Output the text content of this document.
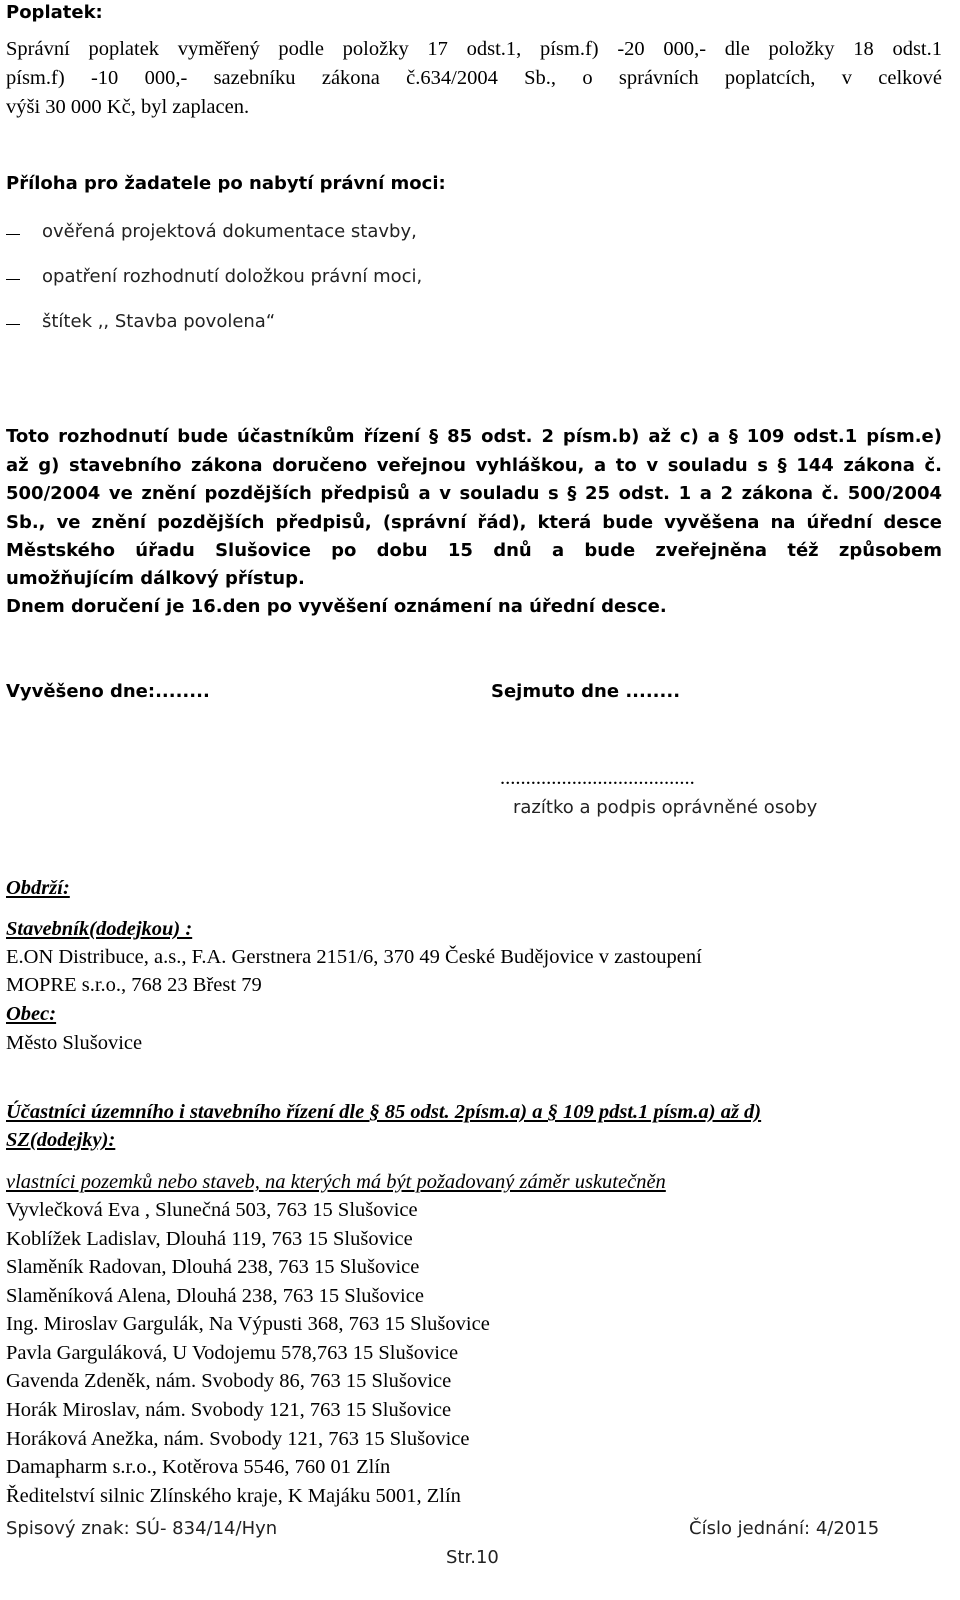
Poplatek:
Správní poplatek vyměřený podle položky 17 odst.1, písm.f) -20 000,- dle položky 18 odst.1
písm.f) -10 000,- sazebníku zákona č.634/2004 Sb., o správních poplatcích, v celkové
výši 30 000 Kč, byl zaplacen.
Příloha pro žadatele po nabytí právní moci:
ověřená projektová dokumentace stavby,
opatření rozhodnutí doložkou právní moci,
štítek ,, Stavba povolena“
Toto rozhodnutí bude účastníkům řízení § 85 odst. 2 písm.b) až c) a § 109 odst.1 písm.e)
až g) stavebního zákona doručeno veřejnou vyhláškou, a to v souladu s § 144 zákona č.
500/2004 ve znění pozdějších předpisů a v souladu s § 25 odst. 1 a 2 zákona č. 500/2004
Sb., ve znění pozdějších předpisů, (správní řád), která bude vyvěšena na úřední desce
Městského úřadu Slušovice po dobu 15 dnů a bude zveřejněna též způsobem
umožňujícím dálkový přístup.
Dnem doručení je 16.den po vyvěšení oznámení na úřední desce.
Vyvěšeno dne:........	Sejmuto dne ........
......................................
razítko a podpis oprávněné osoby
Obdrží:
Stavebník(dodejkou) :
E.ON Distribuce, a.s., F.A. Gerstnera 2151/6, 370 49 České Budějovice v zastoupení
MOPRE s.r.o., 768 23 Břest 79
Obec:
Město Slušovice
Účastníci územního i stavebního řízení dle § 85 odst. 2písm.a) a § 109 pdst.1 písm.a) až d)
SZ(dodejky):
vlastníci pozemků nebo staveb, na kterých má být požadovaný záměr uskutečněn
Vyvlečková Eva , Slunečná 503, 763 15 Slušovice
Koblížek Ladislav, Dlouhá 119, 763 15 Slušovice
Slaměník Radovan, Dlouhá 238, 763 15 Slušovice
Slaměníková Alena, Dlouhá 238, 763 15 Slušovice
Ing. Miroslav Gargulák, Na Výpusti 368, 763 15 Slušovice
Pavla Garguláková, U Vodojemu 578,763 15 Slušovice
Gavenda Zdeněk, nám. Svobody 86, 763 15 Slušovice
Horák Miroslav, nám. Svobody 121, 763 15 Slušovice
Horáková Anežka, nám. Svobody 121, 763 15 Slušovice
Damapharm s.r.o., Kotěrova 5546, 760 01 Zlín
Ředitelství silnic Zlínského kraje, K Majáku 5001, Zlín
Spisový znak: SÚ- 834/14/Hyn	Číslo jednání: 4/2015
Str.10
